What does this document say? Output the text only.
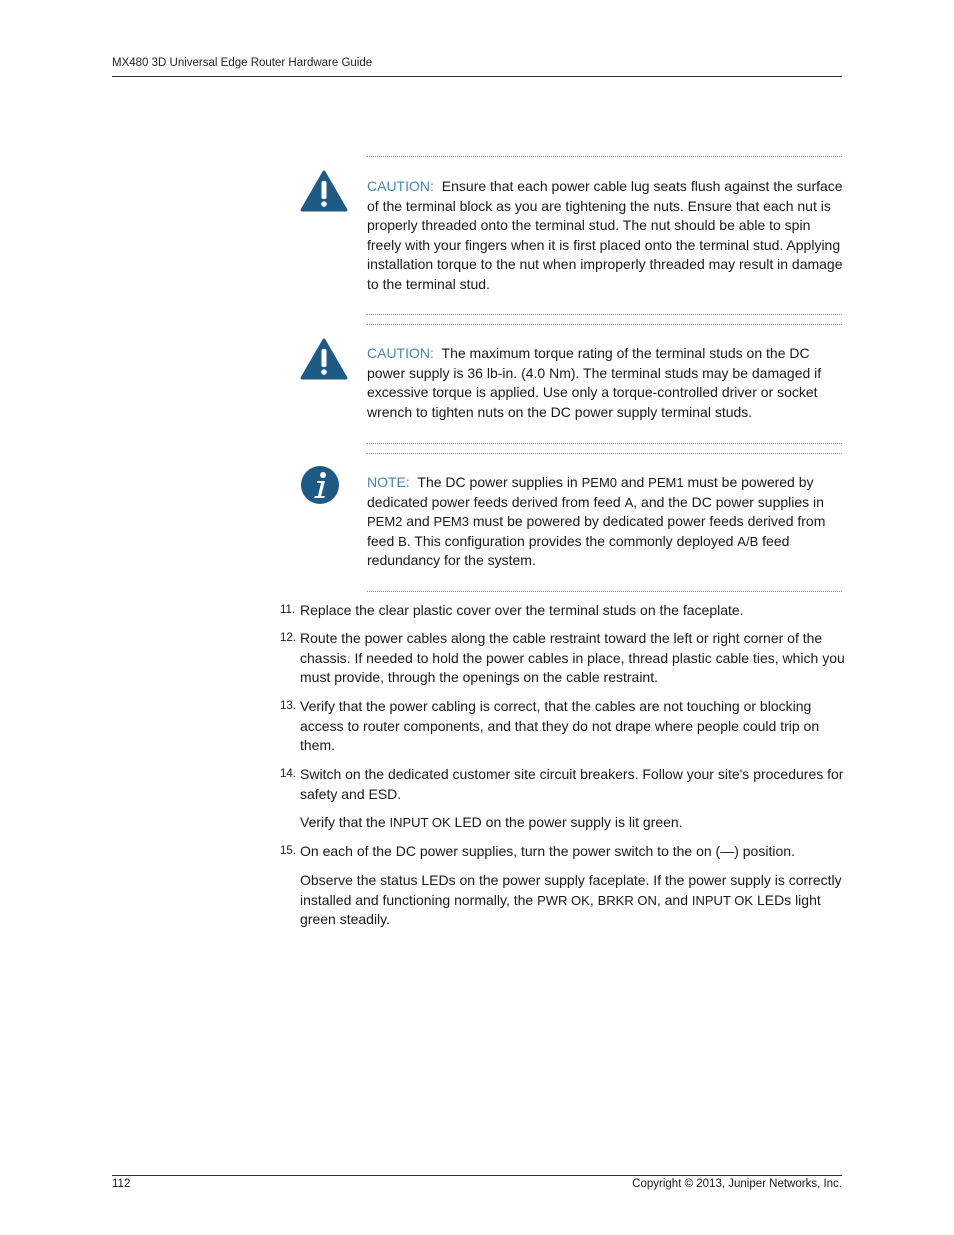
MX480 3D Universal Edge Router Hardware Guide
CAUTION: Ensure that each power cable lug seats flush against the surface of the terminal block as you are tightening the nuts. Ensure that each nut is properly threaded onto the terminal stud. The nut should be able to spin freely with your fingers when it is first placed onto the terminal stud. Applying installation torque to the nut when improperly threaded may result in damage to the terminal stud.
CAUTION: The maximum torque rating of the terminal studs on the DC power supply is 36 lb-in. (4.0 Nm). The terminal studs may be damaged if excessive torque is applied. Use only a torque-controlled driver or socket wrench to tighten nuts on the DC power supply terminal studs.
NOTE: The DC power supplies in PEM0 and PEM1 must be powered by dedicated power feeds derived from feed A, and the DC power supplies in PEM2 and PEM3 must be powered by dedicated power feeds derived from feed B. This configuration provides the commonly deployed A/B feed redundancy for the system.
11. Replace the clear plastic cover over the terminal studs on the faceplate.
12. Route the power cables along the cable restraint toward the left or right corner of the chassis. If needed to hold the power cables in place, thread plastic cable ties, which you must provide, through the openings on the cable restraint.
13. Verify that the power cabling is correct, that the cables are not touching or blocking access to router components, and that they do not drape where people could trip on them.
14. Switch on the dedicated customer site circuit breakers. Follow your site's procedures for safety and ESD.
Verify that the INPUT OK LED on the power supply is lit green.
15. On each of the DC power supplies, turn the power switch to the on (—) position.
Observe the status LEDs on the power supply faceplate. If the power supply is correctly installed and functioning normally, the PWR OK, BRKR ON, and INPUT OK LEDs light green steadily.
112	Copyright © 2013, Juniper Networks, Inc.
